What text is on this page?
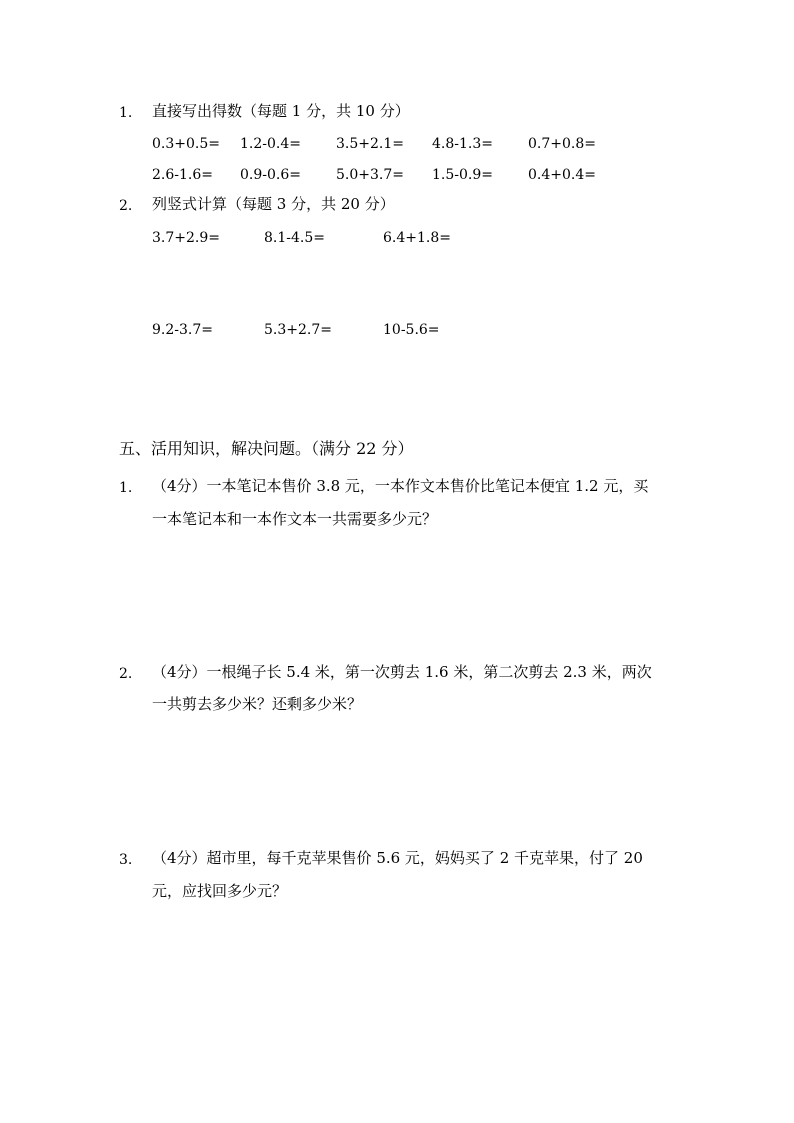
1. 直接写出得数（每题 1 分，共 10 分）
0.3+0.5= 1.2-0.4=	3.5+2.1= 4.8-1.3=	0.7+0.8=
2.6-1.6= 0.9-0.6=	5.0+3.7= 1.5-0.9=	0.4+0.4=
2. 列竖式计算（每题 3 分，共 20 分）
3.7+2.9=	8.1-4.5=	6.4+1.8=
9.2-3.7=	5.3+2.7=	10-5.6=
五、活用知识，解决问题。（满分 22 分）
1. （4分）一本笔记本售价 3.8 元，一本作文本售价比笔记本便宜 1.2 元，买
一本笔记本和一本作文本一共需要多少元？
2. （4分）一根绳子长 5.4 米，第一次剪去 1.6 米，第二次剪去 2.3 米，两次
一共剪去多少米？还剩多少米？
3. （4分）超市里，每千克苹果售价 5.6 元，妈妈买了 2 千克苹果，付了 20
元，应找回多少元？
